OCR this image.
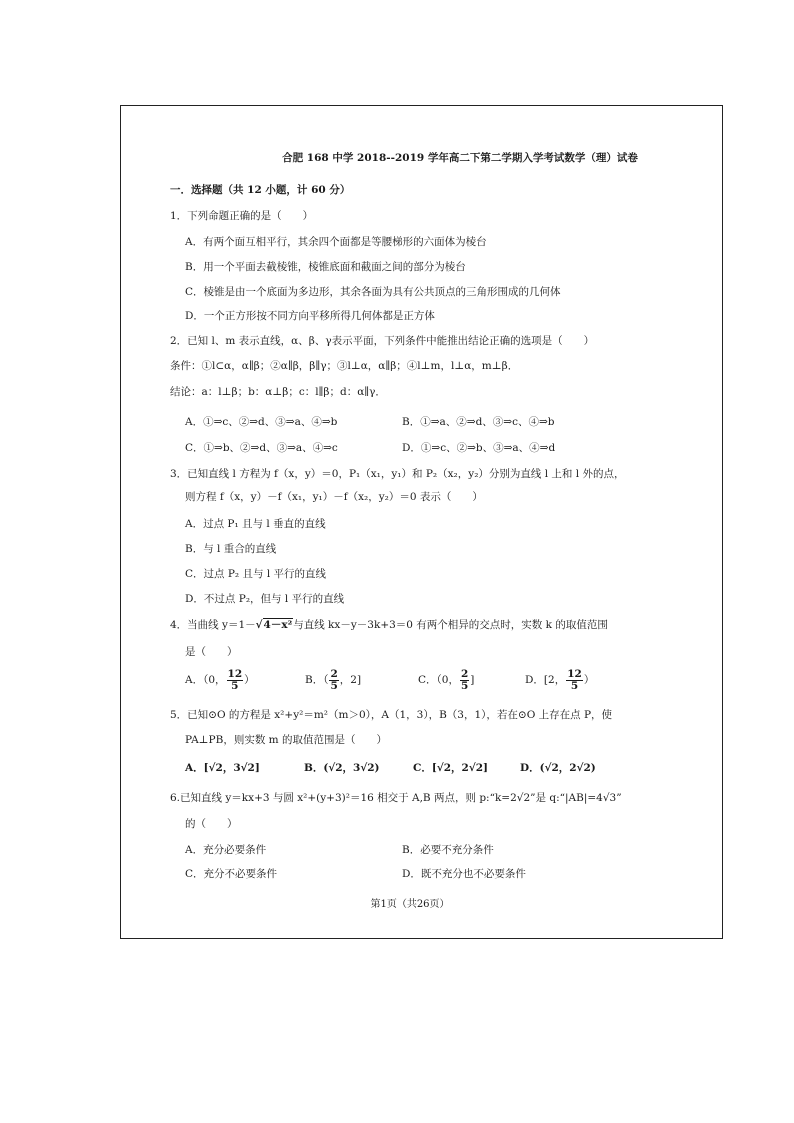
合肥 168 中学 2018--2019 学年高二下第二学期入学考试数学（理）试卷
一．选择题（共 12 小题，计 60 分）
1．下列命题正确的是（　　）
A．有两个面互相平行，其余四个面都是等腰梯形的六面体为棱台
B．用一个平面去截棱锥，棱锥底面和截面之间的部分为棱台
C．棱锥是由一个底面为多边形，其余各面为具有公共顶点的三角形围成的几何体
D．一个正方形按不同方向平移所得几何体都是正方体
2．已知 l、m 表示直线，α、β、γ表示平面，下列条件中能推出结论正确的选项是（　　）
条件：①l⊂α，α∥β；②α∥β，β∥γ；③l⊥α，α∥β；④l⊥m，l⊥α，m⊥β．
结论：a：l⊥β；b：α⊥β；c：l∥β；d：α∥γ．
A．①⇒c、②⇒d、③⇒a、④⇒b	B．①⇒a、②⇒d、③⇒c、④⇒b
C．①⇒b、②⇒d、③⇒a、④⇒c	D．①⇒c、②⇒b、③⇒a、④⇒d
3．已知直线 l 方程为 f（x，y）＝0，P₁（x₁，y₁）和 P₂（x₂，y₂）分别为直线 l 上和 l 外的点，
则方程 f（x，y）－f（x₁，y₁）－f（x₂，y₂）＝0 表示（　　）
A．过点 P₁ 且与 l 垂直的直线
B．与 l 重合的直线
C．过点 P₂ 且与 l 平行的直线
D．不过点 P₂，但与 l 平行的直线
4．当曲线 y＝1－√4－x²与直线 kx－y－3k+3＝0 有两个相异的交点时，实数 k 的取值范围
是（　　）
A．（0， $\frac{12}{5}$ ）	B．（ $\frac{2}{5}$ ，2]	C．（0， $\frac{2}{5}$ ]	D．[2， $\frac{12}{5}$ ）
5．已知⊙O 的方程是 x²+y²＝m²（m＞0），A（1，3），B（3，1），若在⊙O 上存在点 P，使
PA⊥PB，则实数 m 的取值范围是（　　）
A．[√2，3√2]	B．(√2，3√2)	C．[√2，2√2]	D．(√2，2√2)
6.已知直线 y＝kx+3 与圆 x²+(y+3)²＝16 相交于 A,B 两点，则 p:“k=2√2”是 q:“|AB|=4√3”
的（　　）
A．充分必要条件	B．必要不充分条件
C．充分不必要条件	D．既不充分也不必要条件
第1页（共26页）
